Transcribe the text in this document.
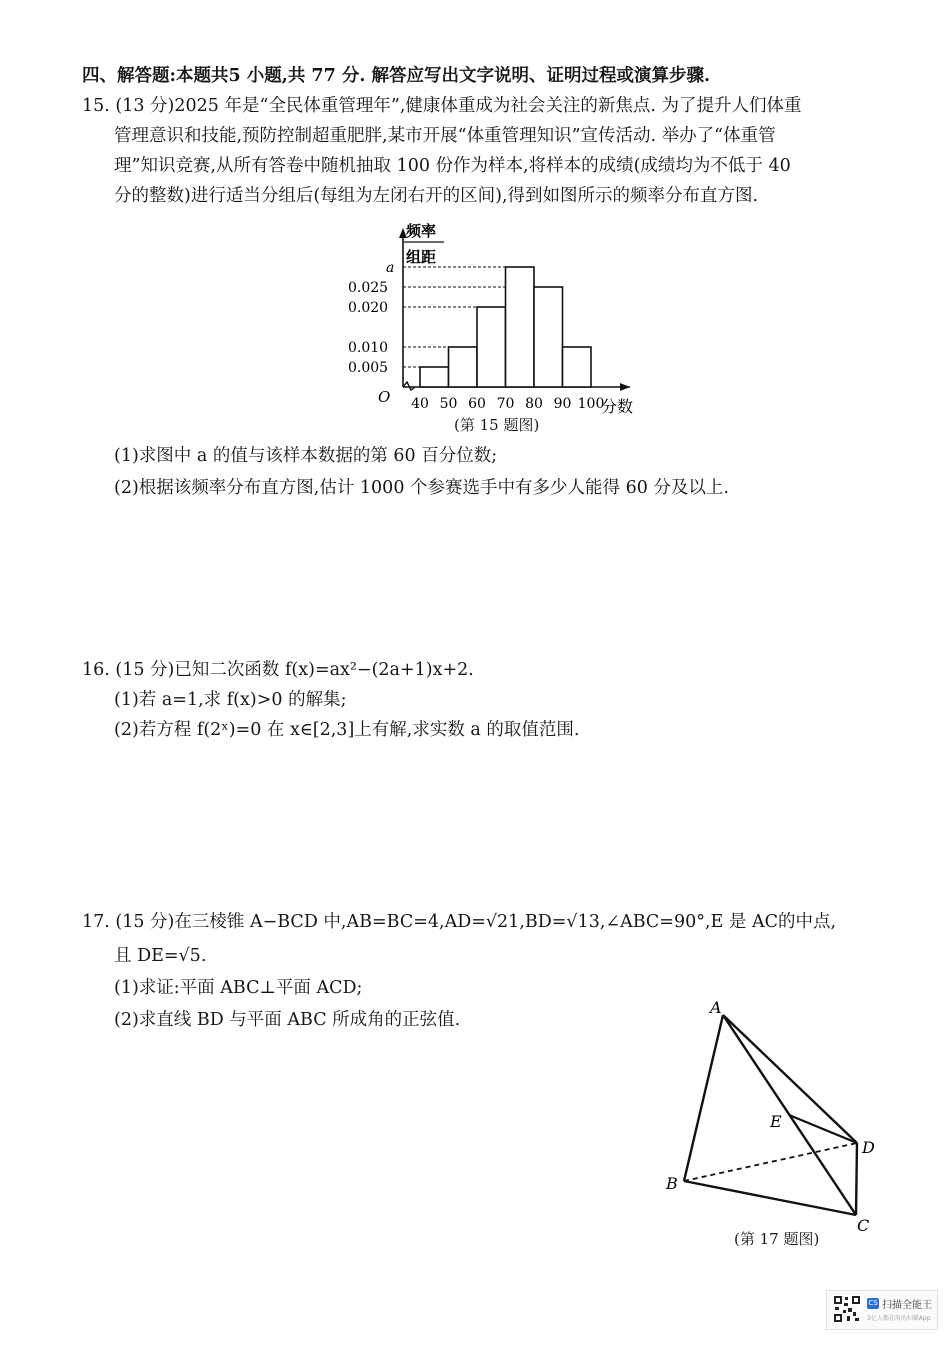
四、解答题:本题共5 小题,共 77 分. 解答应写出文字说明、证明过程或演算步骤.
15. (13 分)2025 年是“全民体重管理年”,健康体重成为社会关注的新焦点. 为了提升人们体重
管理意识和技能,预防控制超重肥胖,某市开展“体重管理知识”宣传活动. 举办了“体重管
理”知识竞赛,从所有答卷中随机抽取 100 份作为样本,将样本的成绩(成绩均为不低于 40
分的整数)进行适当分组后(每组为左闭右开的区间),得到如图所示的频率分布直方图.
频率
组距
O	分数
0.005
0.010
0.020
0.025
a
40 50 60 70 80 90 100
(第 15 题图)
(1)求图中 a 的值与该样本数据的第 60 百分位数;
(2)根据该频率分布直方图,估计 1000 个参赛选手中有多少人能得 60 分及以上.
16. (15 分)已知二次函数 f(x)=ax²−(2a+1)x+2.
(1)若 a=1,求 f(x)>0 的解集;
(2)若方程 f(2ˣ)=0 在 x∈[2,3]上有解,求实数 a 的取值范围.
17. (15 分)在三棱锥 A−BCD 中,AB=BC=4,AD=√21,BD=√13,∠ABC=90°,E 是 AC的中点,
且 DE=√5.
(1)求证:平面 ABC⊥平面 ACD;
(2)求直线 BD 与平面 ABC 所成角的正弦值.
A
B
C
D
E
(第 17 题图)
CS 扫描全能王
3亿人都在用的扫描App
